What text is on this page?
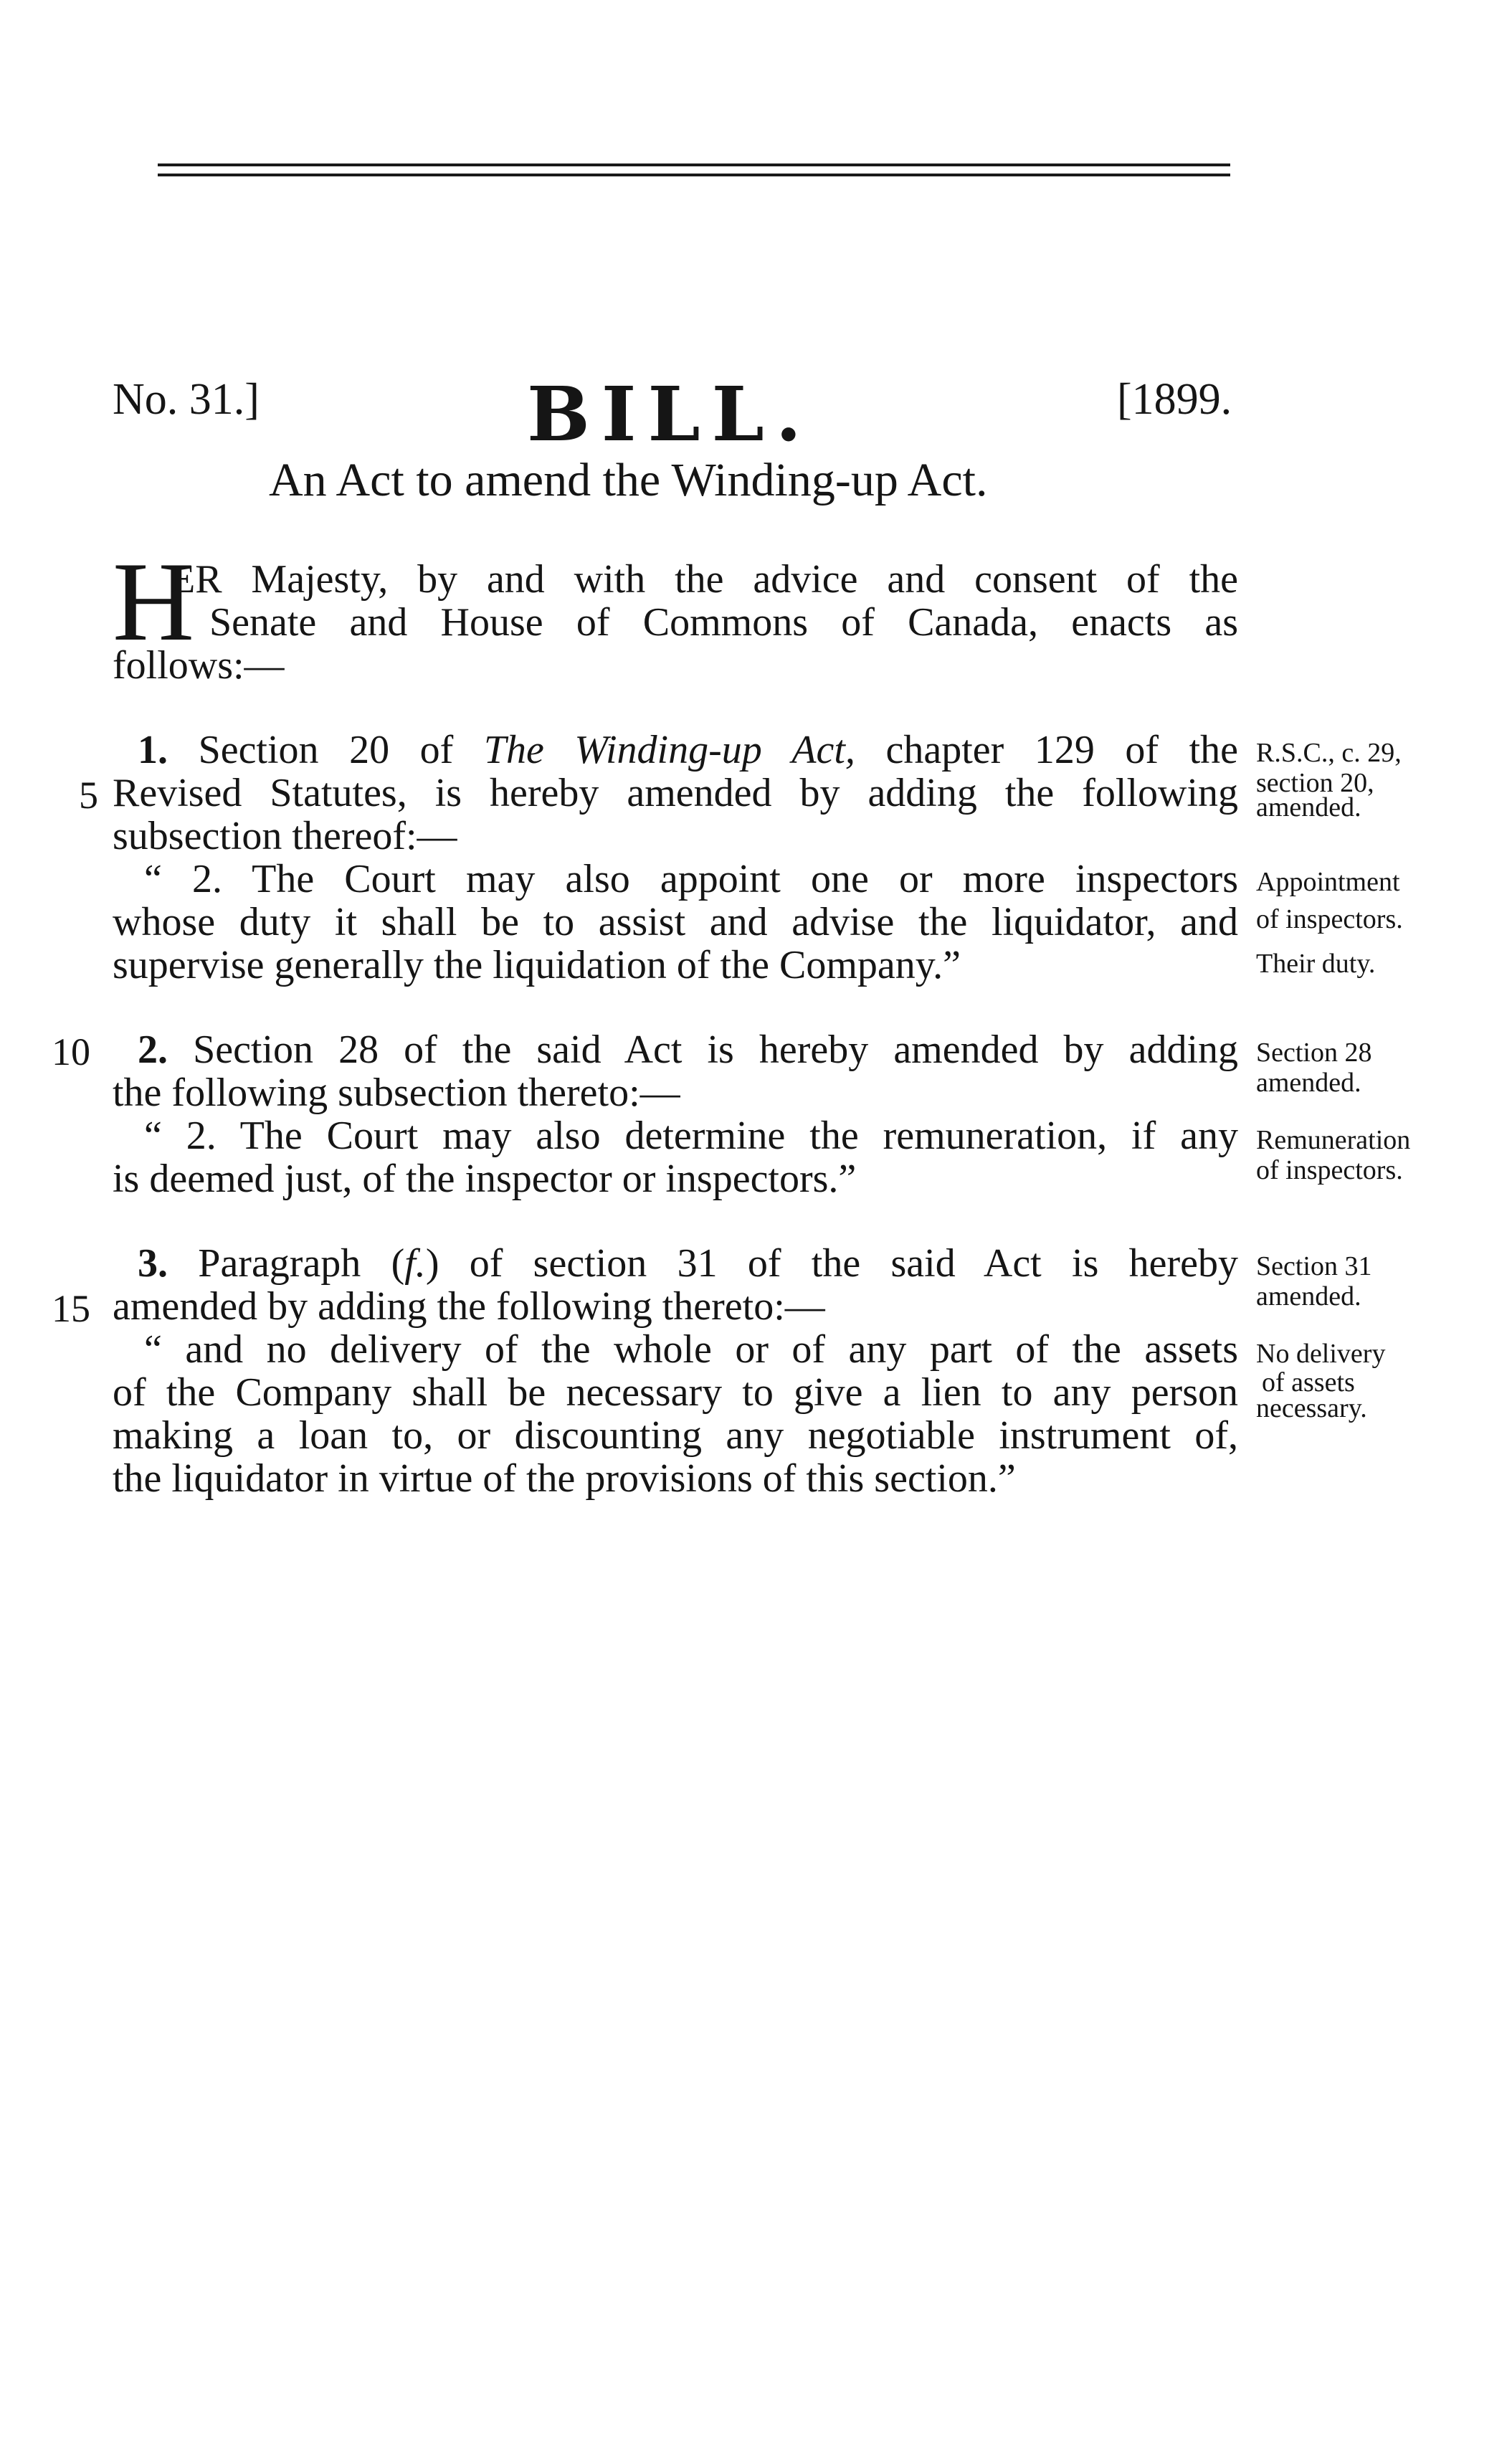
No. 31.]	BILL.	[1899.
An Act to amend the Winding-up Act.
H
ER Majesty, by and with the advice and consent of the
Senate and House of Commons of Canada, enacts as
follows:—
1. Section 20 of The Winding-up Act, chapter 129 of the
Revised Statutes, is hereby amended by adding the following
subsection thereof:—
“ 2. The Court may also appoint one or more inspectors
whose duty it shall be to assist and advise the liquidator, and
supervise generally the liquidation of the Company.”
2. Section 28 of the said Act is hereby amended by adding
the following subsection thereto:—
“ 2. The Court may also determine the remuneration, if any
is deemed just, of the inspector or inspectors.”
3. Paragraph (f.) of section 31 of the said Act is hereby
amended by adding the following thereto:—
“ and no delivery of the whole or of any part of the assets
of the Company shall be necessary to give a lien to any person
making a loan to, or discounting any negotiable instrument of,
the liquidator in virtue of the provisions of this section.”
5
10
15
R.S.C., c. 29,
section 20,
amended.
Appointment
of inspectors.
Their duty.
Section 28
amended.
Remuneration
of inspectors.
Section 31
amended.
No delivery
of assets
necessary.
